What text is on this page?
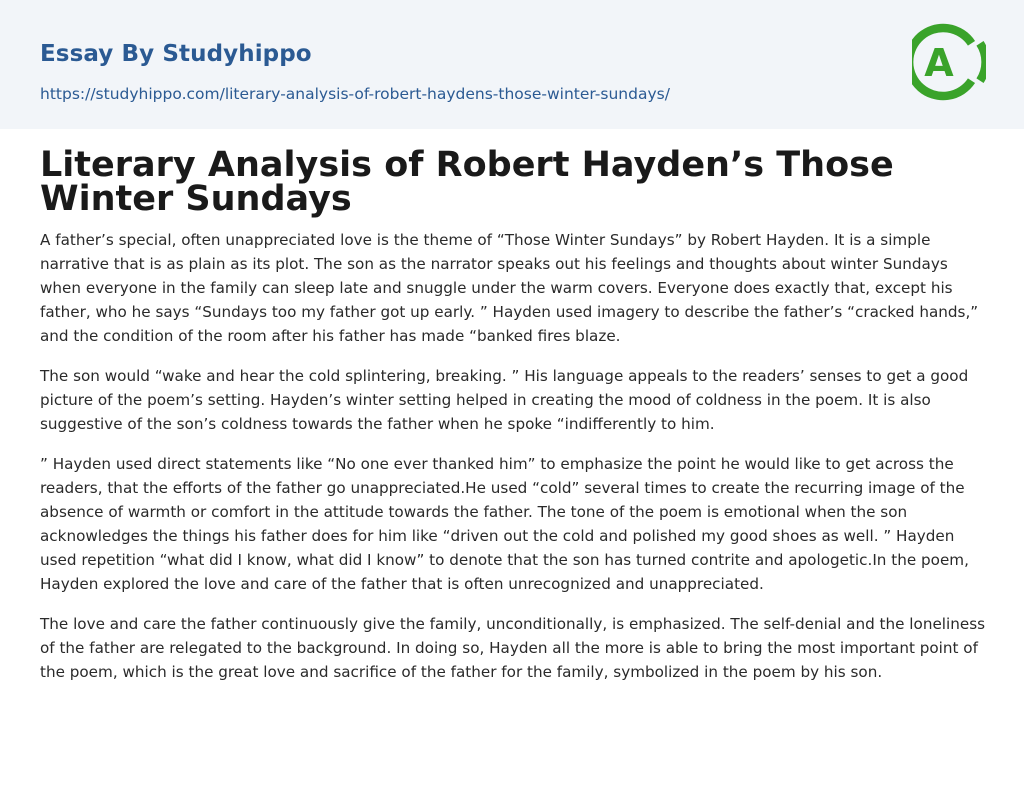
Essay By Studyhippo
https://studyhippo.com/literary-analysis-of-robert-haydens-those-winter-sundays/
A
Literary Analysis of Robert Hayden’s Those Winter Sundays

A father’s special, often unappreciated love is the theme of “Those Winter Sundays” by Robert Hayden. It is a simple narrative that is as plain as its plot. The son as the narrator speaks out his feelings and thoughts about winter Sundays when everyone in the family can sleep late and snuggle under the warm covers. Everyone does exactly that, except his father, who he says “Sundays too my father got up early. ” Hayden used imagery to describe the father’s “cracked hands,” and the condition of the room after his father has made “banked fires blaze.

The son would “wake and hear the cold splintering, breaking. ” His language appeals to the readers’ senses to get a good picture of the poem’s setting. Hayden’s winter setting helped in creating the mood of coldness in the poem. It is also suggestive of the son’s coldness towards the father when he spoke “indifferently to him.

” Hayden used direct statements like “No one ever thanked him” to emphasize the point he would like to get across the readers, that the efforts of the father go unappreciated.He used “cold” several times to create the recurring image of the absence of warmth or comfort in the attitude towards the father. The tone of the poem is emotional when the son acknowledges the things his father does for him like “driven out the cold and polished my good shoes as well. ” Hayden used repetition “what did I know, what did I know” to denote that the son has turned contrite and apologetic.In the poem, Hayden explored the love and care of the father that is often unrecognized and unappreciated.

The love and care the father continuously give the family, unconditionally, is emphasized. The self-denial and the loneliness of the father are relegated to the background. In doing so, Hayden all the more is able to bring the most important point of the poem, which is the great love and sacrifice of the father for the family, symbolized in the poem by his son.
